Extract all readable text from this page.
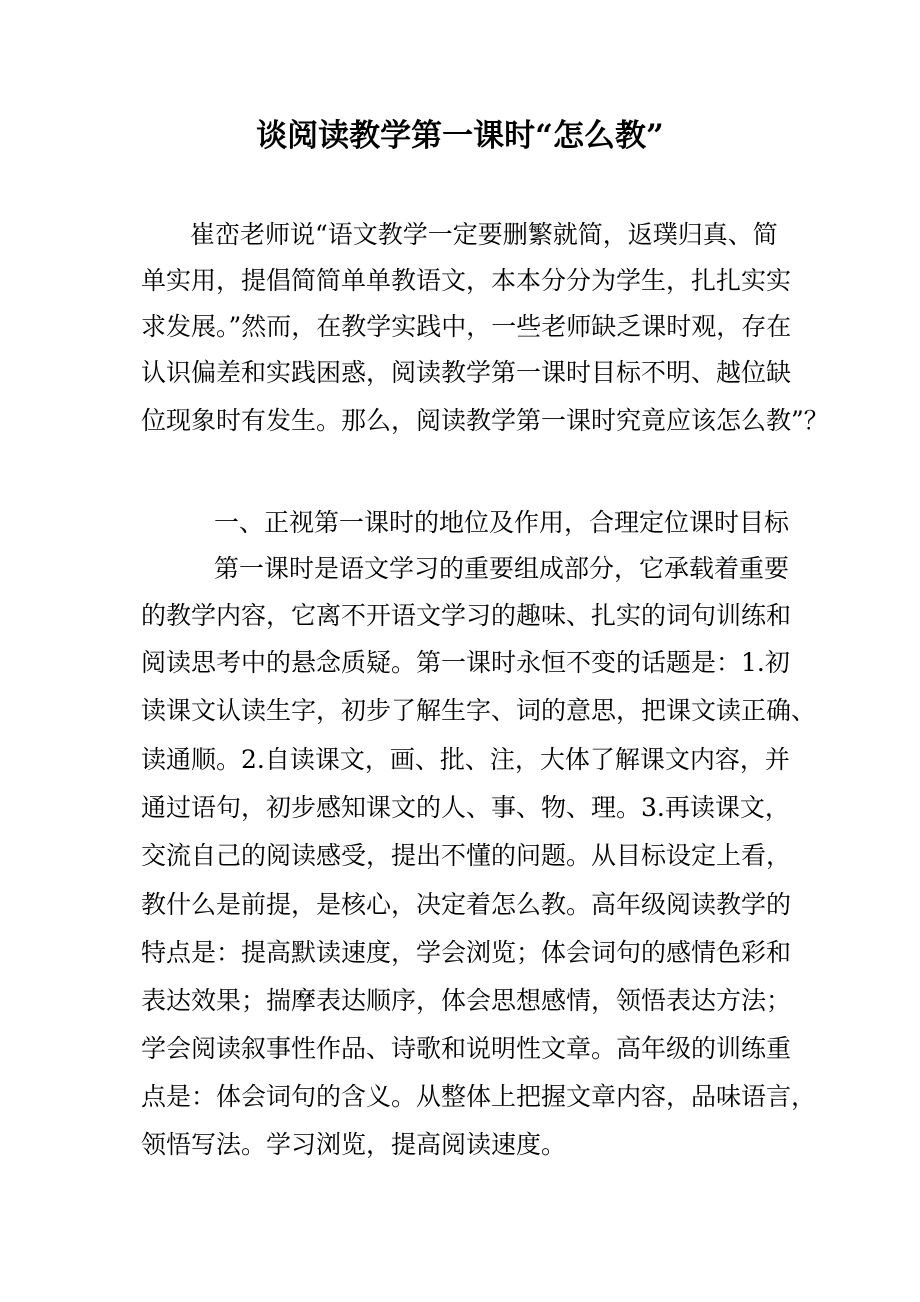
谈阅读教学第一课时“怎么教”

崔峦老师说“语文教学一定要删繁就简，返璞归真、简

单实用，提倡简简单单教语文，本本分分为学生，扎扎实实

求发展。”然而，在教学实践中，一些老师缺乏课时观，存在

认识偏差和实践困惑，阅读教学第一课时目标不明、越位缺

位现象时有发生。那么，阅读教学第一课时究竟应该怎么教”？

一、正视第一课时的地位及作用，合理定位课时目标

第一课时是语文学习的重要组成部分，它承载着重要

的教学内容，它离不开语文学习的趣味、扎实的词句训练和

阅读思考中的悬念质疑。第一课时永恒不变的话题是：1.初

读课文认读生字，初步了解生字、词的意思，把课文读正确、

读通顺。2.自读课文，画、批、注，大体了解课文内容，并

通过语句，初步感知课文的人、事、物、理。3.再读课文，

交流自己的阅读感受，提出不懂的问题。从目标设定上看，

教什么是前提，是核心，决定着怎么教。高年级阅读教学的

特点是：提高默读速度，学会浏览；体会词句的感情色彩和

表达效果；揣摩表达顺序，体会思想感情，领悟表达方法；

学会阅读叙事性作品、诗歌和说明性文章。高年级的训练重

点是：体会词句的含义。从整体上把握文章内容，品味语言，

领悟写法。学习浏览，提高阅读速度。
